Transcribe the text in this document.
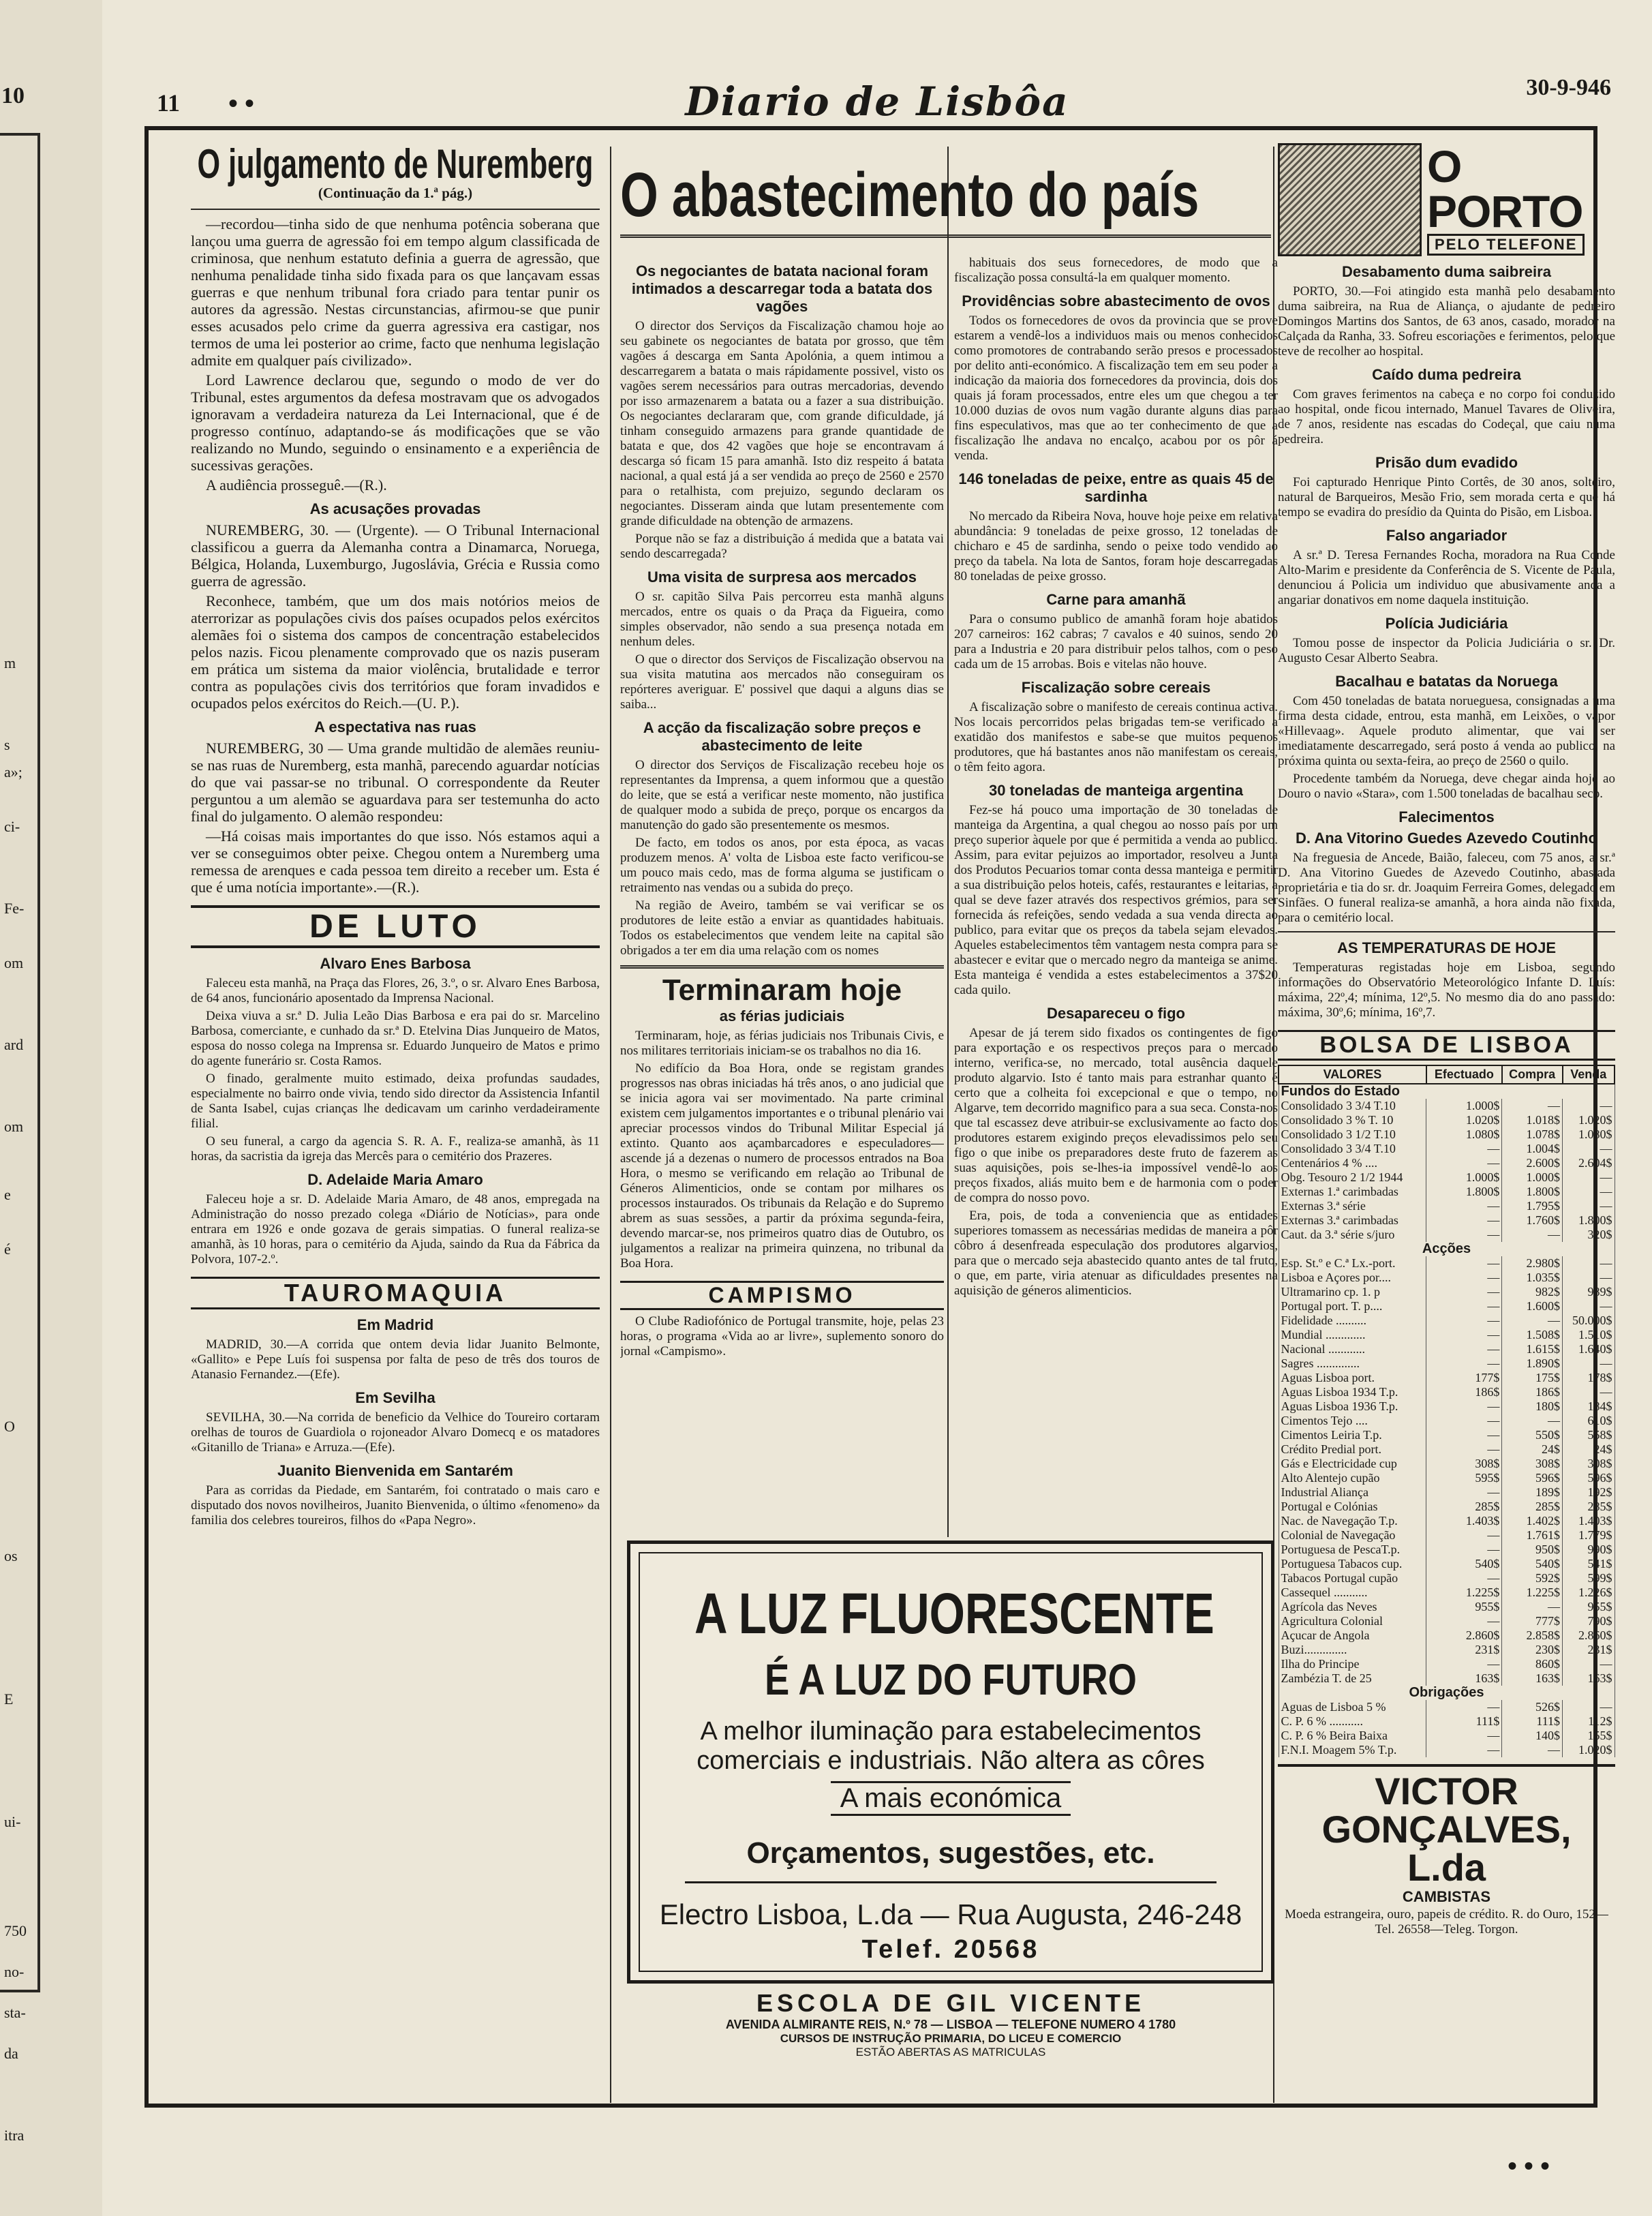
10
m
s
a»;
ci-
Fe-
om
ard
om
e
é
O
os
E
ui-
750
no-
sta-
da
itra
11 • •	Diario de Lisbôa	30-9-946
O julgamento de Nuremberg
(Continuação da 1.ª pág.)

—recordou—tinha sido de que nenhuma potência soberana que lançou uma guerra de agressão foi em tempo algum classificada de criminosa, que nenhum estatuto definia a guerra de agressão, que nenhuma penalidade tinha sido fixada para os que lançavam essas guerras e que nenhum tribunal fora criado para tentar punir os autores da agressão. Nestas circunstancias, afirmou-se que punir esses acusados pelo crime da guerra agressiva era castigar, nos termos de uma lei posterior ao crime, facto que nenhuma legislação admite em qualquer país civilizado».

Lord Lawrence declarou que, segundo o modo de ver do Tribunal, estes argumentos da defesa mostravam que os advogados ignoravam a verdadeira natureza da Lei Internacional, que é de progresso contínuo, adaptando-se ás modificações que se vão realizando no Mundo, seguindo o ensinamento e a experiência de sucessivas gerações.

A audiência prosseguê.—(R.).

As acusações provadas

NUREMBERG, 30. — (Urgente). — O Tribunal Internacional classificou a guerra da Alemanha contra a Dinamarca, Noruega, Bélgica, Holanda, Luxemburgo, Jugoslávia, Grécia e Russia como guerra de agressão.

Reconhece, também, que um dos mais notórios meios de aterrorizar as populações civis dos países ocupados pelos exércitos alemães foi o sistema dos campos de concentração estabelecidos pelos nazis. Ficou plenamente comprovado que os nazis puseram em prática um sistema da maior violência, brutalidade e terror contra as populações civis dos territórios que foram invadidos e ocupados pelos exércitos do Reich.—(U. P.).

A espectativa nas ruas

NUREMBERG, 30 — Uma grande multidão de alemães reuniu-se nas ruas de Nuremberg, esta manhã, parecendo aguardar notícias do que vai passar-se no tribunal. O correspondente da Reuter perguntou a um alemão se aguardava para ser testemunha do acto final do julgamento. O alemão respondeu:

—Há coisas mais importantes do que isso. Nós estamos aqui a ver se conseguimos obter peixe. Chegou ontem a Nuremberg uma remessa de arenques e cada pessoa tem direito a receber um. Esta é que é uma notícia importante».—(R.).

DE LUTO
Alvaro Enes Barbosa

Faleceu esta manhã, na Praça das Flores, 26, 3.º, o sr. Alvaro Enes Barbosa, de 64 anos, funcionário aposentado da Imprensa Nacional.

Deixa viuva a sr.ª D. Julia Leão Dias Barbosa e era pai do sr. Marcelino Barbosa, comerciante, e cunhado da sr.ª D. Etelvina Dias Junqueiro de Matos, esposa do nosso colega na Imprensa sr. Eduardo Junqueiro de Matos e primo do agente funerário sr. Costa Ramos.

O finado, geralmente muito estimado, deixa profundas saudades, especialmente no bairro onde vivia, tendo sido director da Assistencia Infantil de Santa Isabel, cujas crianças lhe dedicavam um carinho verdadeiramente filial.

O seu funeral, a cargo da agencia S. R. A. F., realiza-se amanhã, às 11 horas, da sacristia da igreja das Mercês para o cemitério dos Prazeres.

D. Adelaide Maria Amaro

Faleceu hoje a sr. D. Adelaide Maria Amaro, de 48 anos, empregada na Administração do nosso prezado colega «Diário de Notícias», para onde entrara em 1926 e onde gozava de gerais simpatias. O funeral realiza-se amanhã, às 10 horas, para o cemitério da Ajuda, saindo da Rua da Fábrica da Polvora, 107-2.º.

TAUROMAQUIA
Em Madrid

MADRID, 30.—A corrida que ontem devia lidar Juanito Belmonte, «Gallito» e Pepe Luís foi suspensa por falta de peso de três dos touros de Atanasio Fernandez.—(Efe).

Em Sevilha

SEVILHA, 30.—Na corrida de beneficio da Velhice do Toureiro cortaram orelhas de touros de Guardiola o rojoneador Alvaro Domecq e os matadores «Gitanillo de Triana» e Arruza.—(Efe).

Juanito Bienvenida em Santarém

Para as corridas da Piedade, em Santarém, foi contratado o mais caro e disputado dos novos novilheiros, Juanito Bienvenida, o último «fenomeno» da familia dos celebres toureiros, filhos do «Papa Negro».

O abastecimento do país
Os negociantes de batata nacional foram intimados a descarregar toda a batata dos vagões

O director dos Serviços da Fiscalização chamou hoje ao seu gabinete os negociantes de batata por grosso, que têm vagões á descarga em Santa Apolónia, a quem intimou a descarregarem a batata o mais rápidamente possivel, visto os vagões serem necessários para outras mercadorias, devendo por isso armazenarem a batata ou a fazer a sua distribuição. Os negociantes declararam que, com grande dificuldade, já tinham conseguido armazens para grande quantidade de batata e que, dos 42 vagões que hoje se encontravam á descarga só ficam 15 para amanhã. Isto diz respeito á batata nacional, a qual está já a ser vendida ao preço de 2560 e 2570 para o retalhista, com prejuizo, segundo declaram os negociantes. Disseram ainda que lutam presentemente com grande dificuldade na obtenção de armazens.

Porque não se faz a distribuição á medida que a batata vai sendo descarregada?

Uma visita de surpresa aos mercados

O sr. capitão Silva Pais percorreu esta manhã alguns mercados, entre os quais o da Praça da Figueira, como simples observador, não sendo a sua presença notada em nenhum deles.

O que o director dos Serviços de Fiscalização observou na sua visita matutina aos mercados não conseguiram os repórteres averiguar. E' possivel que daqui a alguns dias se saiba...

A acção da fiscalização sobre preços e abastecimento de leite

O director dos Serviços de Fiscalização recebeu hoje os representantes da Imprensa, a quem informou que a questão do leite, que se está a verificar neste momento, não justifica de qualquer modo a subida de preço, porque os encargos da manutenção do gado são presentemente os mesmos.

De facto, em todos os anos, por esta época, as vacas produzem menos. A' volta de Lisboa este facto verificou-se um pouco mais cedo, mas de forma alguma se justificam o retraimento nas vendas ou a subida do preço.

Na região de Aveiro, também se vai verificar se os produtores de leite estão a enviar as quantidades habituais. Todos os estabelecimentos que vendem leite na capital são obrigados a ter em dia uma relação com os nomes

Terminaram hoje
as férias judiciais

Terminaram, hoje, as férias judiciais nos Tribunais Civis, e nos militares territoriais iniciam-se os trabalhos no dia 16.

No edifício da Boa Hora, onde se registam grandes progressos nas obras iniciadas há três anos, o ano judicial que se inicia agora vai ser movimentado. Na parte criminal existem cem julgamentos importantes e o tribunal plenário vai apreciar processos vindos do Tribunal Militar Especial já extinto. Quanto aos açambarcadores e especuladores—ascende já a dezenas o numero de processos entrados na Boa Hora, o mesmo se verificando em relação ao Tribunal de Géneros Alimenticios, onde se contam por milhares os processos instaurados. Os tribunais da Relação e do Supremo abrem as suas sessões, a partir da próxima segunda-feira, devendo marcar-se, nos primeiros quatro dias de Outubro, os julgamentos a realizar na primeira quinzena, no tribunal da Boa Hora.

CAMPISMO

O Clube Radiofónico de Portugal transmite, hoje, pelas 23 horas, o programa «Vida ao ar livre», suplemento sonoro do jornal «Campismo».

habituais dos seus fornecedores, de modo que a fiscalização possa consultá-la em qualquer momento.

Providências sobre abastecimento de ovos

Todos os fornecedores de ovos da provincia que se prove estarem a vendê-los a individuos mais ou menos conhecidos como promotores de contrabando serão presos e processados por delito anti-económico. A fiscalização tem em seu poder a indicação da maioria dos fornecedores da provincia, dois dos quais já foram processados, entre eles um que chegou a ter 10.000 duzias de ovos num vagão durante alguns dias para fins especulativos, mas que ao ter conhecimento de que a fiscalização lhe andava no encalço, acabou por os pôr á venda.

146 toneladas de peixe, entre as quais 45 de sardinha

No mercado da Ribeira Nova, houve hoje peixe em relativa abundância: 9 toneladas de peixe grosso, 12 toneladas de chicharo e 45 de sardinha, sendo o peixe todo vendido ao preço da tabela. Na lota de Santos, foram hoje descarregadas 80 toneladas de peixe grosso.

Carne para amanhã

Para o consumo publico de amanhã foram hoje abatidos 207 carneiros: 162 cabras; 7 cavalos e 40 suinos, sendo 20 para a Industria e 20 para distribuir pelos talhos, com o peso cada um de 15 arrobas. Bois e vitelas não houve.

Fiscalização sobre cereais

A fiscalização sobre o manifesto de cereais continua activa. Nos locais percorridos pelas brigadas tem-se verificado a exatidão dos manifestos e sabe-se que muitos pequenos produtores, que há bastantes anos não manifestam os cereais, o têm feito agora.

30 toneladas de manteiga argentina

Fez-se há pouco uma importação de 30 toneladas de manteiga da Argentina, a qual chegou ao nosso país por um preço superior àquele por que é permitida a venda ao publico. Assim, para evitar pejuizos ao importador, resolveu a Junta dos Produtos Pecuarios tomar conta dessa manteiga e permitir a sua distribuição pelos hoteis, cafés, restaurantes e leitarias, a qual se deve fazer através dos respectivos grémios, para ser fornecida ás refeições, sendo vedada a sua venda directa ao publico, para evitar que os preços da tabela sejam elevados. Aqueles estabelecimentos têm vantagem nesta compra para se abastecer e evitar que o mercado negro da manteiga se anime. Esta manteiga é vendida a estes estabelecimentos a 37$20 cada quilo.

Desapareceu o figo

Apesar de já terem sido fixados os contingentes de figo para exportação e os respectivos preços para o mercado interno, verifica-se, no mercado, total ausência daquele produto algarvio. Isto é tanto mais para estranhar quanto é certo que a colheita foi excepcional e que o tempo, no Algarve, tem decorrido magnifico para a sua seca. Consta-nos que tal escassez deve atribuir-se exclusivamente ao facto dos produtores estarem exigindo preços elevadissimos pelo seu figo o que inibe os preparadores deste fruto de fazerem as suas aquisições, pois se-lhes-ia impossível vendê-lo aos preços fixados, aliás muito bem e de harmonia com o poder de compra do nosso povo.

Era, pois, de toda a conveniencia que as entidades superiores tomassem as necessárias medidas de maneira a pôr côbro á desenfreada especulação dos produtores algarvios, para que o mercado seja abastecido quanto antes de tal fruto, o que, em parte, viria atenuar as dificuldades presentes na aquisição de géneros alimenticios.

O PORTO
PELO TELEFONE
Desabamento duma saibreira

PORTO, 30.—Foi atingido esta manhã pelo desabamento duma saibreira, na Rua de Aliança, o ajudante de pedreiro Domingos Martins dos Santos, de 63 anos, casado, morador na Calçada da Ranha, 33. Sofreu escoriações e ferimentos, pelo que teve de recolher ao hospital.

Caído duma pedreira

Com graves ferimentos na cabeça e no corpo foi conduzido ao hospital, onde ficou internado, Manuel Tavares de Oliveira, de 7 anos, residente nas escadas do Codeçal, que caiu numa pedreira.

Prisão dum evadido

Foi capturado Henrique Pinto Cortês, de 30 anos, solteiro, natural de Barqueiros, Mesão Frio, sem morada certa e que há tempo se evadira do presídio da Quinta do Pisão, em Lisboa.

Falso angariador

A sr.ª D. Teresa Fernandes Rocha, moradora na Rua Conde Alto-Marim e presidente da Conferência de S. Vicente de Paula, denunciou á Policia um individuo que abusivamente anda a angariar donativos em nome daquela instituição.

Polícia Judiciária

Tomou posse de inspector da Policia Judiciária o sr. Dr. Augusto Cesar Alberto Seabra.

Bacalhau e batatas da Noruega

Com 450 toneladas de batata norueguesa, consignadas a uma firma desta cidade, entrou, esta manhã, em Leixões, o vapor «Hillevaag». Aquele produto alimentar, que vai ser imediatamente descarregado, será posto á venda ao publico, na próxima quinta ou sexta-feira, ao preço de 2560 o quilo.

Procedente também da Noruega, deve chegar ainda hoje ao Douro o navio «Stara», com 1.500 toneladas de bacalhau seco.

Falecimentos
D. Ana Vitorino Guedes Azevedo Coutinho

Na freguesia de Ancede, Baião, faleceu, com 75 anos, a sr.ª D. Ana Vitorino Guedes de Azevedo Coutinho, abastada proprietária e tia do sr. dr. Joaquim Ferreira Gomes, delegado em Sinfães. O funeral realiza-se amanhã, a hora ainda não fixada, para o cemitério local.

AS TEMPERATURAS DE HOJE

Temperaturas registadas hoje em Lisboa, segundo informações do Observatório Meteorológico Infante D. Luís: máxima, 22º,4; mínima, 12º,5. No mesmo dia do ano passado: máxima, 30º,6; mínima, 16º,7.

BOLSA DE LISBOA
VALORES	Efectuado	Compra	Venda
Fundos do Estado			
Consolidado 3 3/4 T.10	1.000$	—	—
Consolidado 3 % T. 10	1.020$	1.018$	1.020$
Consolidado 3 1/2 T.10	1.080$	1.078$	1.080$
Consolidado 3 3/4 T.10	—	1.004$	—
Centenários 4 % ....	—	2.600$	2.604$
Obg. Tesouro 2 1/2 1944	1.000$	1.000$	—
Externas 1.ª carimbadas	1.800$	1.800$	—
Externas 3.ª série	—	1.795$	—
Externas 3.ª carimbadas	—	1.760$	1.800$
Caut. da 3.ª série s/juro	—	—	320$
Acções			
Esp. St.º e C.ª Lx.-port.	—	2.980$	—
Lisboa e Açores por....	—	1.035$	—
Ultramarino cp. 1. p	—	982$	989$
Portugal port. T. p....	—	1.600$	—
Fidelidade ..........	—	—	50.000$
Mundial .............	—	1.508$	1.510$
Nacional ............	—	1.615$	1.640$
Sagres ..............	—	1.890$	—
Aguas Lisboa port.	177$	175$	178$
Aguas Lisboa 1934 T.p.	186$	186$	—
Aguas Lisboa 1936 T.p.	—	180$	184$
Cimentos Tejo ....	—	—	610$
Cimentos Leiria T.p.	—	550$	558$
Crédito Predial port.	—	24$	24$
Gás e Electricidade cup	308$	308$	308$
Alto Alentejo cupão	595$	596$	596$
Industrial Aliança	—	189$	192$
Portugal e Colónias	285$	285$	285$
Nac. de Navegação T.p.	1.403$	1.402$	1.403$
Colonial de Navegação	—	1.761$	1.779$
Portuguesa de PescaT.p.	—	950$	990$
Portuguesa Tabacos cup.	540$	540$	541$
Tabacos Portugal cupão	—	592$	599$
Cassequel ...........	1.225$	1.225$	1.226$
Agrícola das Neves	955$	—	955$
Agricultura Colonial	—	777$	790$
Açucar de Angola	2.860$	2.858$	2.860$
Buzi..............	231$	230$	231$
Ilha do Principe	—	860$	—
Zambézia T. de 25	163$	163$	163$
Obrigações			
Aguas de Lisboa 5 %	—	526$	—
C. P. 6 % ...........	111$	111$	112$
C. P. 6 % Beira Baixa	—	140$	155$
F.N.I. Moagem 5% T.p.	—	—	1.020$
VICTOR GONÇALVES, L.da
CAMBISTAS

Moeda estrangeira, ouro, papeis de crédito. R. do Ouro, 152—Tel. 26558—Teleg. Torgon.

A LUZ FLUORESCENTE
É A LUZ DO FUTURO
A melhor iluminação para estabelecimentos
comerciais e industriais. Não altera as côres
A mais económica
Orçamentos, sugestões, etc.
Electro Lisboa, L.da — Rua Augusta, 246-248
Telef. 20568
ESCOLA DE GIL VICENTE
AVENIDA ALMIRANTE REIS, N.º 78 — LISBOA — TELEFONE NUMERO 4 1780
CURSOS DE INSTRUÇÃO PRIMARIA, DO LICEU E COMERCIO
ESTÃO ABERTAS AS MATRICULAS
• • •
